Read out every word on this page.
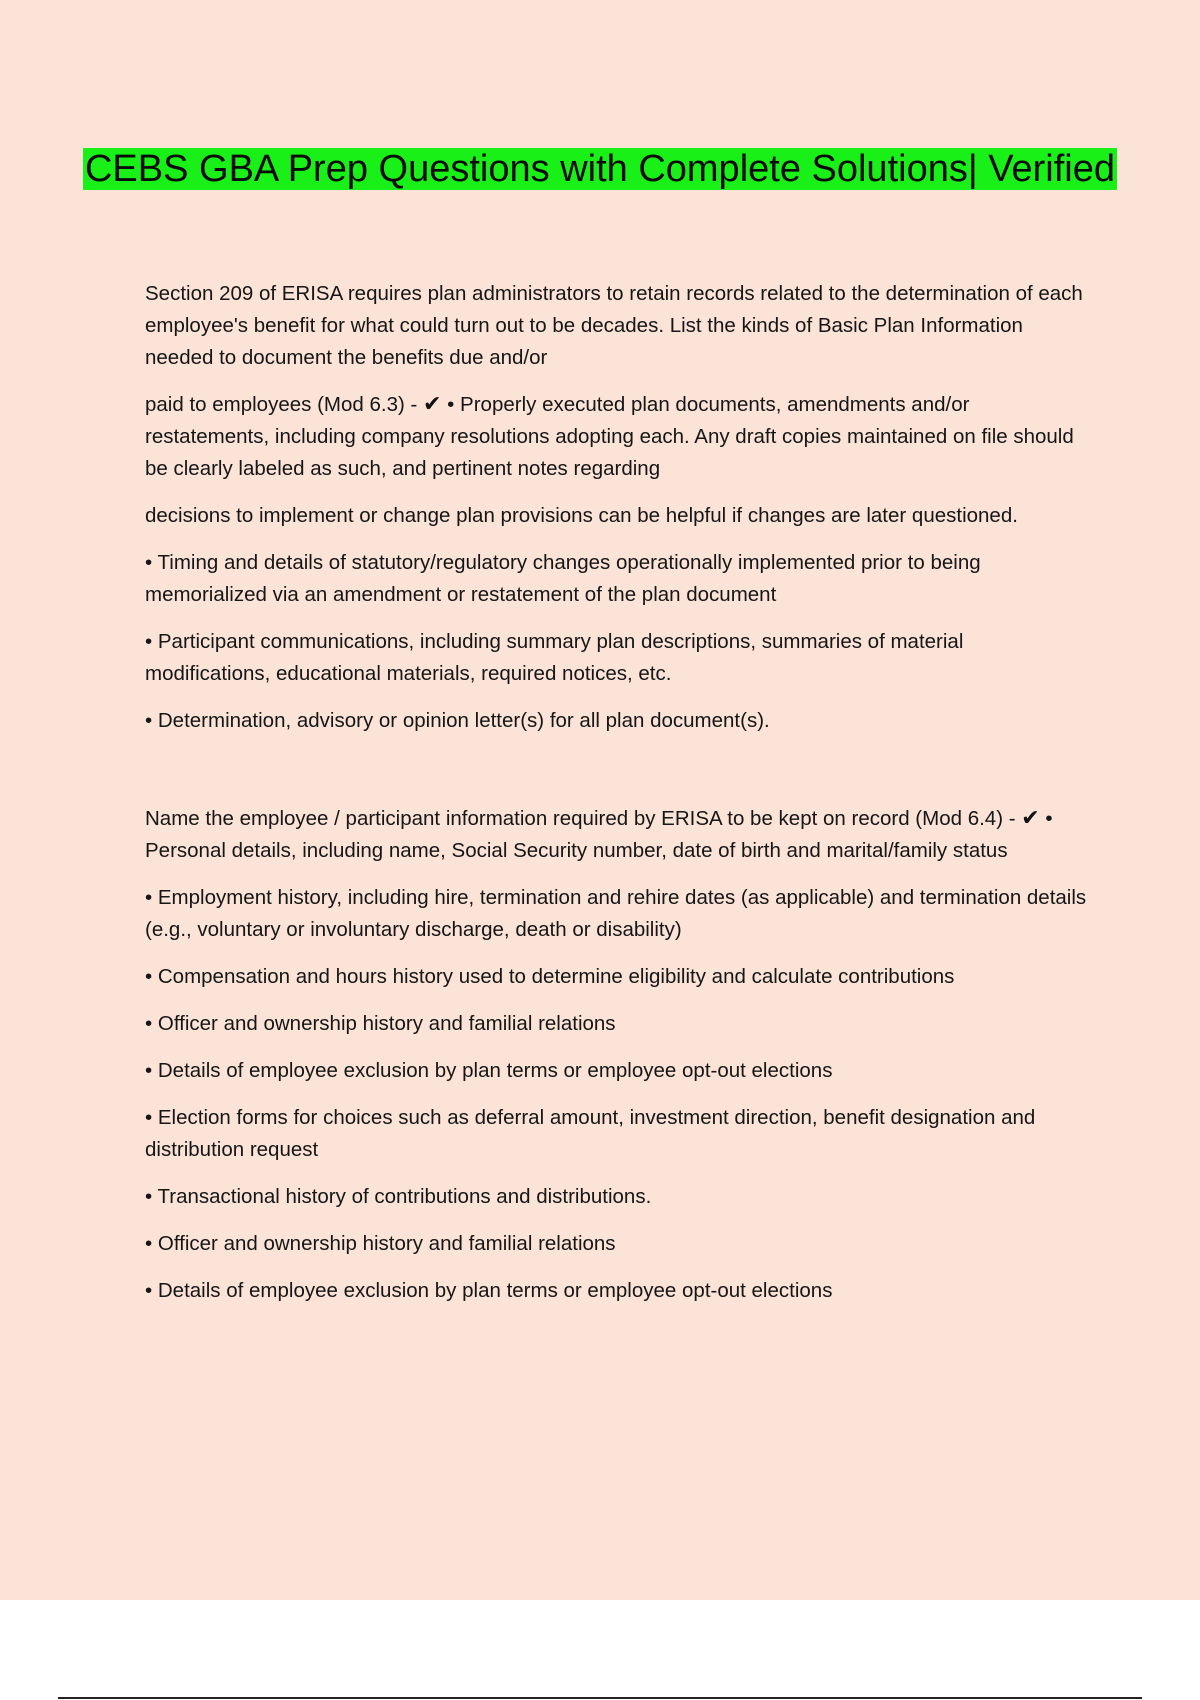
CEBS GBA Prep Questions with Complete Solutions| Verified

Section 209 of ERISA requires plan administrators to retain records related to the determination of each employee's benefit for what could turn out to be decades. List the kinds of Basic Plan Information needed to document the benefits due and/or

paid to employees (Mod 6.3) - ✔ • Properly executed plan documents, amendments and/or restatements, including company resolutions adopting each. Any draft copies maintained on file should be clearly labeled as such, and pertinent notes regarding

decisions to implement or change plan provisions can be helpful if changes are later questioned.

• Timing and details of statutory/regulatory changes operationally implemented prior to being memorialized via an amendment or restatement of the plan document

• Participant communications, including summary plan descriptions, summaries of material modifications, educational materials, required notices, etc.

• Determination, advisory or opinion letter(s) for all plan document(s).

Name the employee / participant information required by ERISA to be kept on record (Mod 6.4) - ✔ • Personal details, including name, Social Security number, date of birth and marital/family status

• Employment history, including hire, termination and rehire dates (as applicable) and termination details (e.g., voluntary or involuntary discharge, death or disability)

• Compensation and hours history used to determine eligibility and calculate contributions

• Officer and ownership history and familial relations

• Details of employee exclusion by plan terms or employee opt-out elections

• Election forms for choices such as deferral amount, investment direction, benefit designation and distribution request

• Transactional history of contributions and distributions.

• Officer and ownership history and familial relations

• Details of employee exclusion by plan terms or employee opt-out elections
